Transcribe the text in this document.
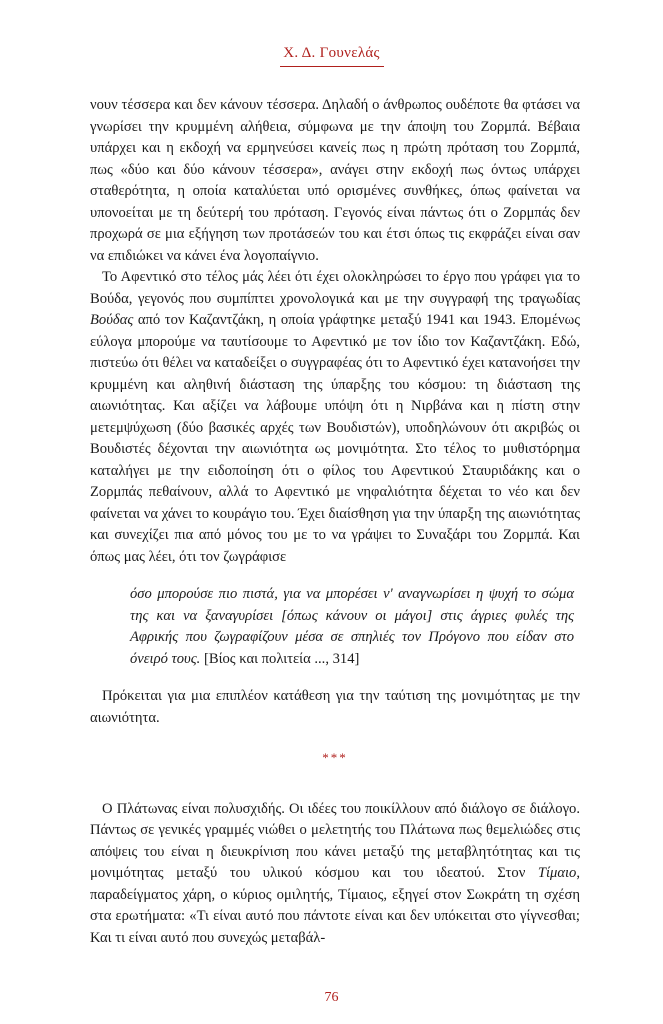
Χ. Δ. Γουνελάς

νουν τέσσερα και δεν κάνουν τέσσερα. Δηλαδή ο άνθρωπος ουδέποτε θα φτάσει να γνωρίσει την κρυμμένη αλήθεια, σύμφωνα με την άποψη του Ζορμπά. Βέβαια υπάρχει και η εκδοχή να ερμηνεύσει κανείς πως η πρώτη πρόταση του Ζορμπά, πως «δύο και δύο κάνουν τέσσερα», ανάγει στην εκδοχή πως όντως υπάρχει σταθερότητα, η οποία καταλύεται υπό ορισμένες συνθήκες, όπως φαίνεται να υπονοείται με τη δεύτερή του πρόταση. Γεγονός είναι πάντως ότι ο Ζορμπάς δεν προχωρά σε μια εξήγηση των προτάσεών του και έτσι όπως τις εκφράζει είναι σαν να επιδιώκει να κάνει ένα λογοπαίγνιο.

Το Αφεντικό στο τέλος μάς λέει ότι έχει ολοκληρώσει το έργο που γράφει για το Βούδα, γεγονός που συμπίπτει χρονολογικά και με την συγγραφή της τραγωδίας Βούδας από τον Καζαντζάκη, η οποία γράφτηκε μεταξύ 1941 και 1943. Επομένως εύλογα μπορούμε να ταυτίσουμε το Αφεντικό με τον ίδιο τον Καζαντζάκη. Εδώ, πιστεύω ότι θέλει να καταδείξει ο συγγραφέας ότι το Αφεντικό έχει κατανοήσει την κρυμμένη και αληθινή διάσταση της ύπαρξης του κόσμου: τη διάσταση της αιωνιότητας. Και αξίζει να λάβουμε υπόψη ότι η Νιρβάνα και η πίστη στην μετεμψύχωση (δύο βασικές αρχές των Βουδιστών), υποδηλώνουν ότι ακριβώς οι Βουδιστές δέχονται την αιωνιότητα ως μονιμότητα. Στο τέλος το μυθιστόρημα καταλήγει με την ειδοποίηση ότι ο φίλος του Αφεντικού Σταυριδάκης και ο Ζορμπάς πεθαίνουν, αλλά το Αφεντικό με νηφαλιότητα δέχεται το νέο και δεν φαίνεται να χάνει το κουράγιο του. Έχει διαίσθηση για την ύπαρξη της αιωνιότητας και συνεχίζει πια από μόνος του με το να γράψει το Συναξάρι του Ζορμπά. Και όπως μας λέει, ότι τον ζωγράφισε

όσο μπορούσε πιο πιστά, για να μπορέσει ν' αναγνωρίσει η ψυχή το σώμα της και να ξαναγυρίσει [όπως κάνουν οι μάγοι] στις άγριες φυλές της Αφρικής που ζωγραφίζουν μέσα σε σπηλιές τον Πρόγονο που είδαν στο όνειρό τους. [Βίος και πολιτεία ..., 314]

Πρόκειται για μια επιπλέον κατάθεση για την ταύτιση της μονιμότητας με την αιωνιότητα.

***

Ο Πλάτωνας είναι πολυσχιδής. Οι ιδέες του ποικίλλουν από διάλογο σε διάλογο. Πάντως σε γενικές γραμμές νιώθει ο μελετητής του Πλάτωνα πως θεμελιώδες στις απόψεις του είναι η διευκρίνιση που κάνει μεταξύ της μεταβλητότητας και τις μονιμότητας μεταξύ του υλικού κόσμου και του ιδεατού. Στον Τίμαιο, παραδείγματος χάρη, ο κύριος ομιλητής, Τίμαιος, εξηγεί στον Σωκράτη τη σχέση στα ερωτήματα: «Τι είναι αυτό που πάντοτε είναι και δεν υπόκειται στο γίγνεσθαι; Και τι είναι αυτό που συνεχώς μεταβάλ-

76
